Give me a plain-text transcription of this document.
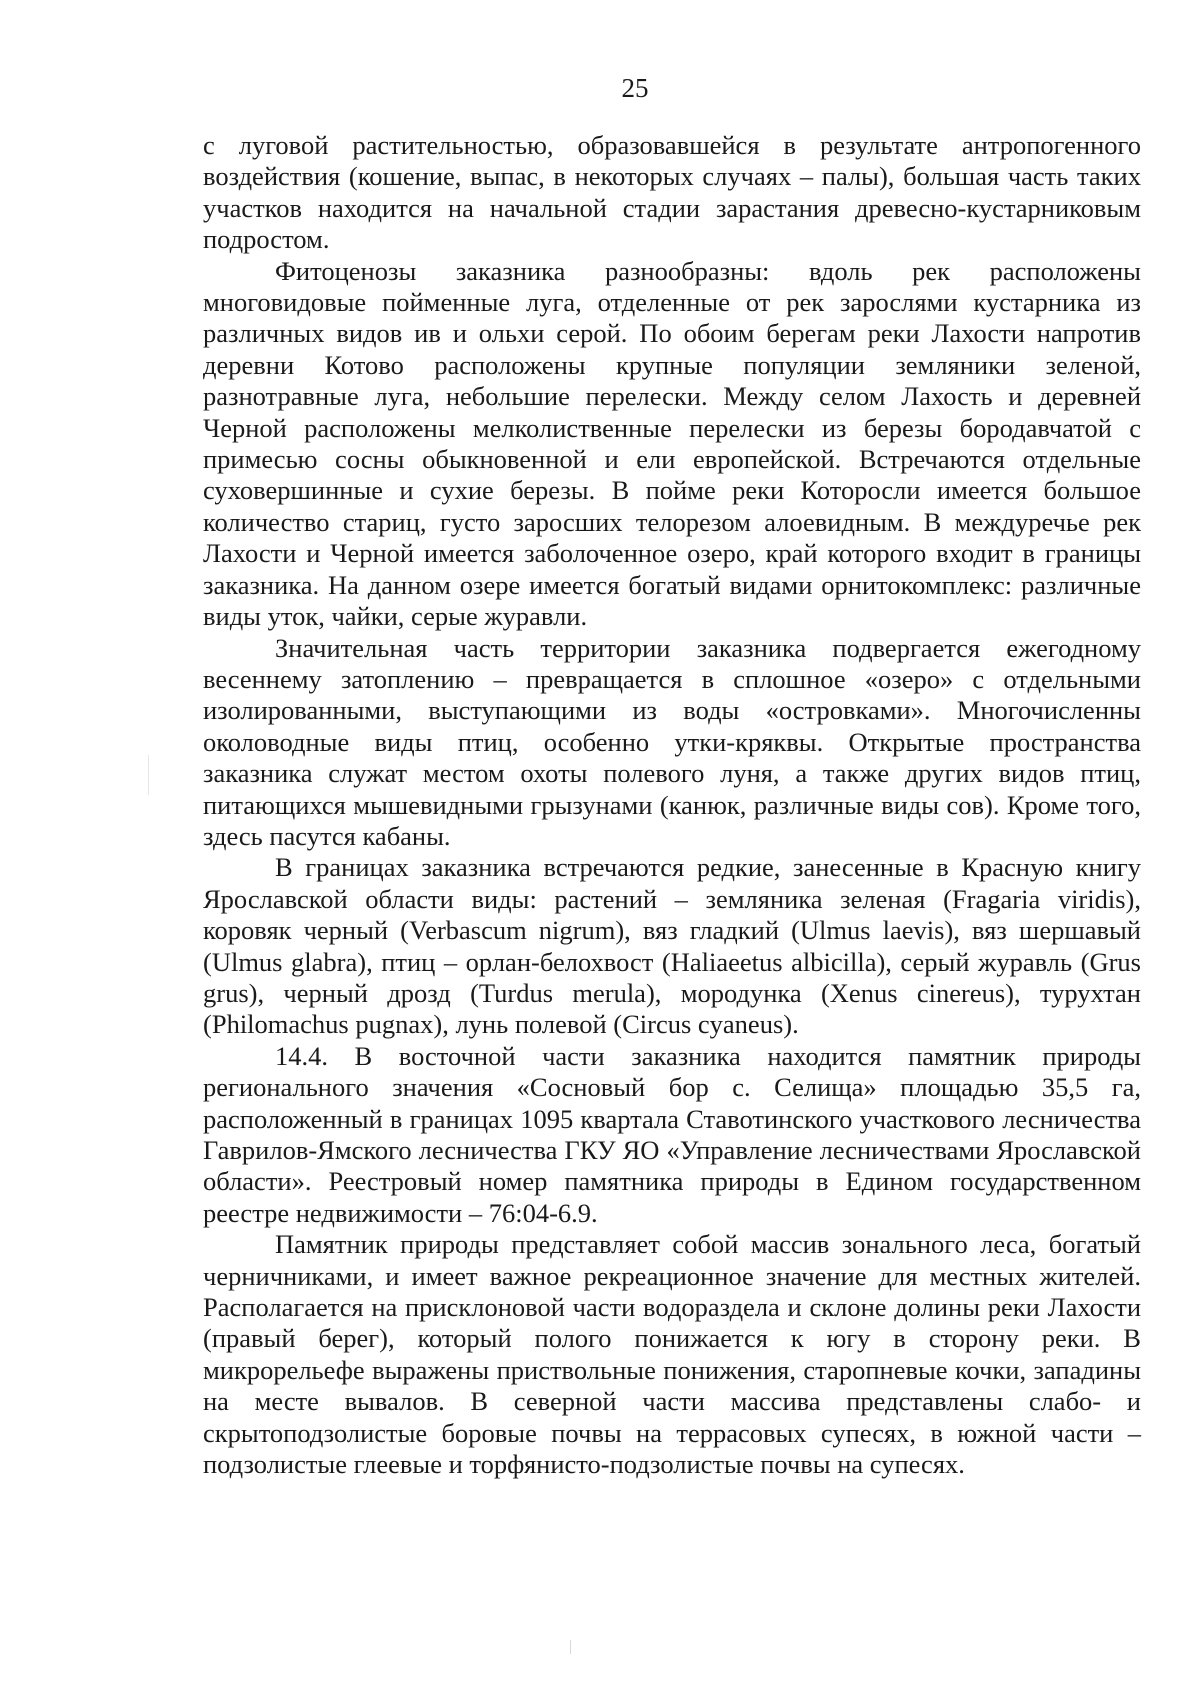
25

с луговой растительностью, образовавшейся в результате антропогенного воздействия (кошение, выпас, в некоторых случаях – палы), большая часть таких участков находится на начальной стадии зарастания древесно-кустарниковым подростом.

Фитоценозы заказника разнообразны: вдоль рек расположены многовидовые пойменные луга, отделенные от рек зарослями кустарника из различных видов ив и ольхи серой. По обоим берегам реки Лахости напротив деревни Котово расположены крупные популяции земляники зеленой, разнотравные луга, небольшие перелески. Между селом Лахость и деревней Черной расположены мелколиственные перелески из березы бородавчатой с примесью сосны обыкновенной и ели европейской. Встречаются отдельные суховершинные и сухие березы. В пойме реки Которосли имеется большое количество стариц, густо заросших телорезом алоевидным. В междуречье рек Лахости и Черной имеется заболоченное озеро, край которого входит в границы заказника. На данном озере имеется богатый видами орнитокомплекс: различные виды уток, чайки, серые журавли.

Значительная часть территории заказника подвергается ежегодному весеннему затоплению – превращается в сплошное «озеро» с отдельными изолированными, выступающими из воды «островками». Многочисленны околоводные виды птиц, особенно утки-кряквы. Открытые пространства заказника служат местом охоты полевого луня, а также других видов птиц, питающихся мышевидными грызунами (канюк, различные виды сов). Кроме того, здесь пасутся кабаны.

В границах заказника встречаются редкие, занесенные в Красную книгу Ярославской области виды: растений – земляника зеленая (Fragaria viridis), коровяк черный (Verbascum nigrum), вяз гладкий (Ulmus laevis), вяз шершавый (Ulmus glabra), птиц – орлан-белохвост (Haliaeetus albicilla), серый журавль (Grus grus), черный дрозд (Turdus merula), мородунка (Xenus cinereus), турухтан (Philomachus pugnax), лунь полевой (Circus cyaneus).

14.4. В восточной части заказника находится памятник природы регионального значения «Сосновый бор с. Селища» площадью 35,5 га, расположенный в границах 1095 квартала Ставотинского участкового лесничества Гаврилов-Ямского лесничества ГКУ ЯО «Управление лесничествами Ярославской области». Реестровый номер памятника природы в Едином государственном реестре недвижимости – 76:04-6.9.

Памятник природы представляет собой массив зонального леса, богатый черничниками, и имеет важное рекреационное значение для местных жителей. Располагается на присклоновой части водораздела и склоне долины реки Лахости (правый берег), который полого понижается к югу в сторону реки. В микрорельефе выражены приствольные понижения, старопневые кочки, западины на месте вывалов. В северной части массива представлены слабо- и скрытоподзолистые боровые почвы на террасовых супесях, в южной части – подзолистые глеевые и торфянисто-подзолистые почвы на супесях.
